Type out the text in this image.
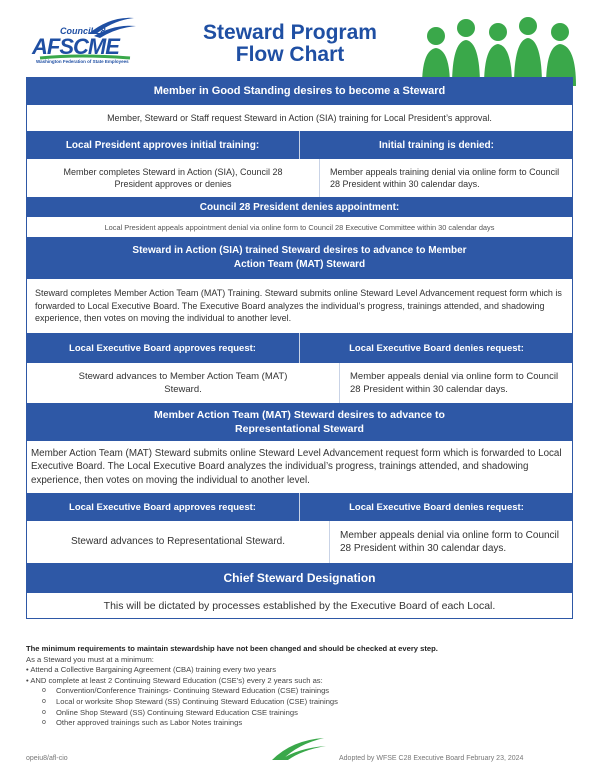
Council 28
AFSCME
Washington Federation of State Employees
Steward Program
Flow Chart
Member in Good Standing desires to become a Steward
Member, Steward or Staff request Steward in Action (SIA) training for Local President’s approval.
Local President approves initial training:	Initial training is denied:
Member completes Steward in Action (SIA), Council 28 President approves or denies
Member appeals training denial via online form to Council 28 President within 30 calendar days.
Council 28 President denies appointment:
Local President appeals appointment denial via online form to Council 28 Executive Committee within 30 calendar days
Steward in Action (SIA) trained Steward desires to advance to Member Action Team (MAT) Steward
Steward completes Member Action Team (MAT) Training. Steward submits online Steward Level Advancement request form which is forwarded to Local Executive Board. The Executive Board analyzes the individual’s progress, trainings attended, and shadowing experience, then votes on moving the individual to another level.
Local Executive Board approves request:	Local Executive Board denies request:
Steward advances to Member Action Team (MAT) Steward.
Member appeals denial via online form to Council 28 President within 30 calendar days.
Member Action Team (MAT) Steward desires to advance to Representational Steward
Member Action Team (MAT) Steward submits online Steward Level Advancement request form which is forwarded to Local Executive Board. The Local Executive Board analyzes the individual’s progress, trainings attended, and shadowing experience, then votes on moving the individual to another level.
Local Executive Board approves request:	Local Executive Board denies request:
Steward advances to Representational Steward.
Member appeals denial via online form to Council 28 President within 30 calendar days.
Chief Steward Designation
This will be dictated by processes established by the Executive Board of each Local.
The minimum requirements to maintain stewardship have not been changed and should be checked at every step.
As a Steward you must at a minimum:
• Attend a Collective Bargaining Agreement (CBA) training every two years
• AND complete at least 2 Continuing Steward Education (CSE’s) every 2 years such as:
o Convention/Conference Trainings- Continuing Steward Education (CSE) trainings
o Local or worksite Shop Steward (SS) Continuing Steward Education (CSE) trainings
o Online Shop Steward (SS) Continuing Steward Education CSE trainings
o Other approved trainings such as Labor Notes trainings
opeiu8/afl-cio	Adopted by WFSE C28 Executive Board February 23, 2024
